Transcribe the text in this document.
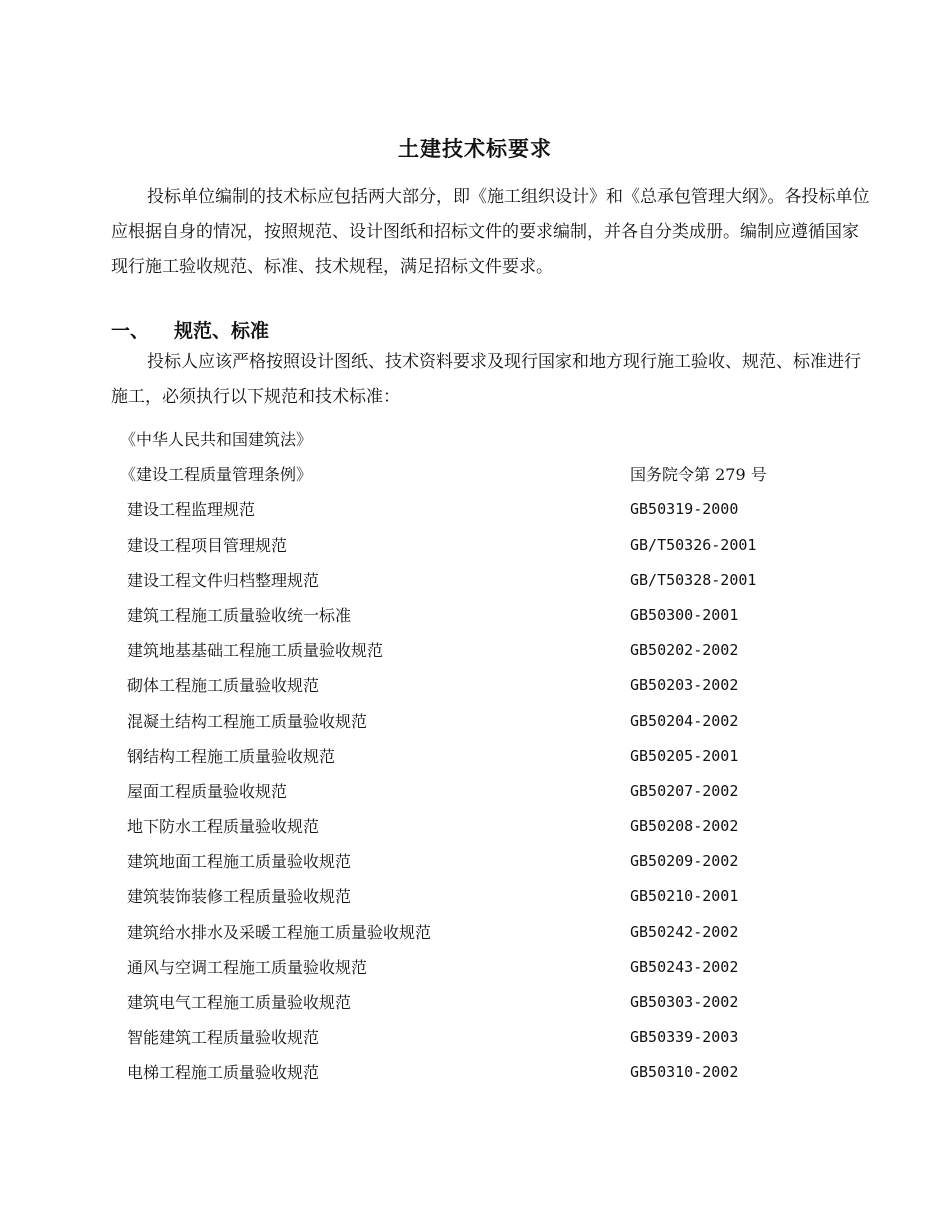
土建技术标要求

投标单位编制的技术标应包括两大部分，即《施工组织设计》和《总承包管理大纲》。各投标单位应根据自身的情况，按照规范、设计图纸和招标文件的要求编制，并各自分类成册。编制应遵循国家现行施工验收规范、标准、技术规程，满足招标文件要求。

一、 规范、标准

投标人应该严格按照设计图纸、技术资料要求及现行国家和地方现行施工验收、规范、标准进行施工，必须执行以下规范和技术标准：

《中华人民共和国建筑法》
《建设工程质量管理条例》	国务院令第 279 号
建设工程监理规范	GB50319-2000
建设工程项目管理规范	GB/T50326-2001
建设工程文件归档整理规范	GB/T50328-2001
建筑工程施工质量验收统一标准	GB50300-2001
建筑地基基础工程施工质量验收规范	GB50202-2002
砌体工程施工质量验收规范	GB50203-2002
混凝土结构工程施工质量验收规范	GB50204-2002
钢结构工程施工质量验收规范	GB50205-2001
屋面工程质量验收规范	GB50207-2002
地下防水工程质量验收规范	GB50208-2002
建筑地面工程施工质量验收规范	GB50209-2002
建筑装饰装修工程质量验收规范	GB50210-2001
建筑给水排水及采暖工程施工质量验收规范	GB50242-2002
通风与空调工程施工质量验收规范	GB50243-2002
建筑电气工程施工质量验收规范	GB50303-2002
智能建筑工程质量验收规范	GB50339-2003
电梯工程施工质量验收规范	GB50310-2002
